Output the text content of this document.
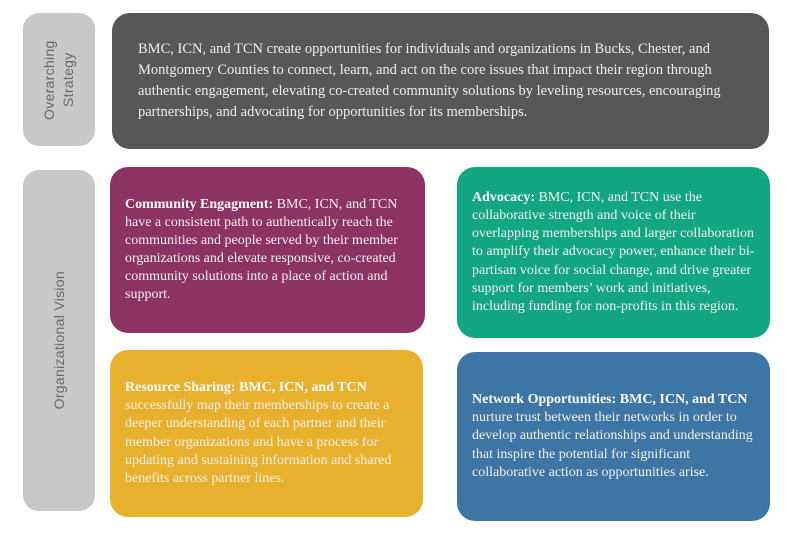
Overarching Strategy

BMC, ICN, and TCN create opportunities for individuals and organizations in Bucks, Chester, and Montgomery Counties to connect, learn, and act on the core issues that impact their region through authentic engagement, elevating co-created community solutions by leveling resources, encouraging partnerships, and advocating for opportunities for its memberships.

Organizational Vision

Community Engagment: BMC, ICN, and TCN have a consistent path to authentically reach the communities and people served by their member organizations and elevate responsive, co-created community solutions into a place of action and support.

Advocacy: BMC, ICN, and TCN use the collaborative strength and voice of their overlapping memberships and larger collaboration to amplify their advocacy power, enhance their bi-partisan voice for social change, and drive greater support for members’ work and initiatives, including funding for non-profits in this region.

Resource Sharing: BMC, ICN, and TCN successfully map their memberships to create a deeper understanding of each partner and their member organizations and have a process for updating and sustaining information and shared benefits across partner lines.

Network Opportunities: BMC, ICN, and TCN nurture trust between their networks in order to develop authentic relationships and understanding that inspire the potential for significant collaborative action as opportunities arise.
